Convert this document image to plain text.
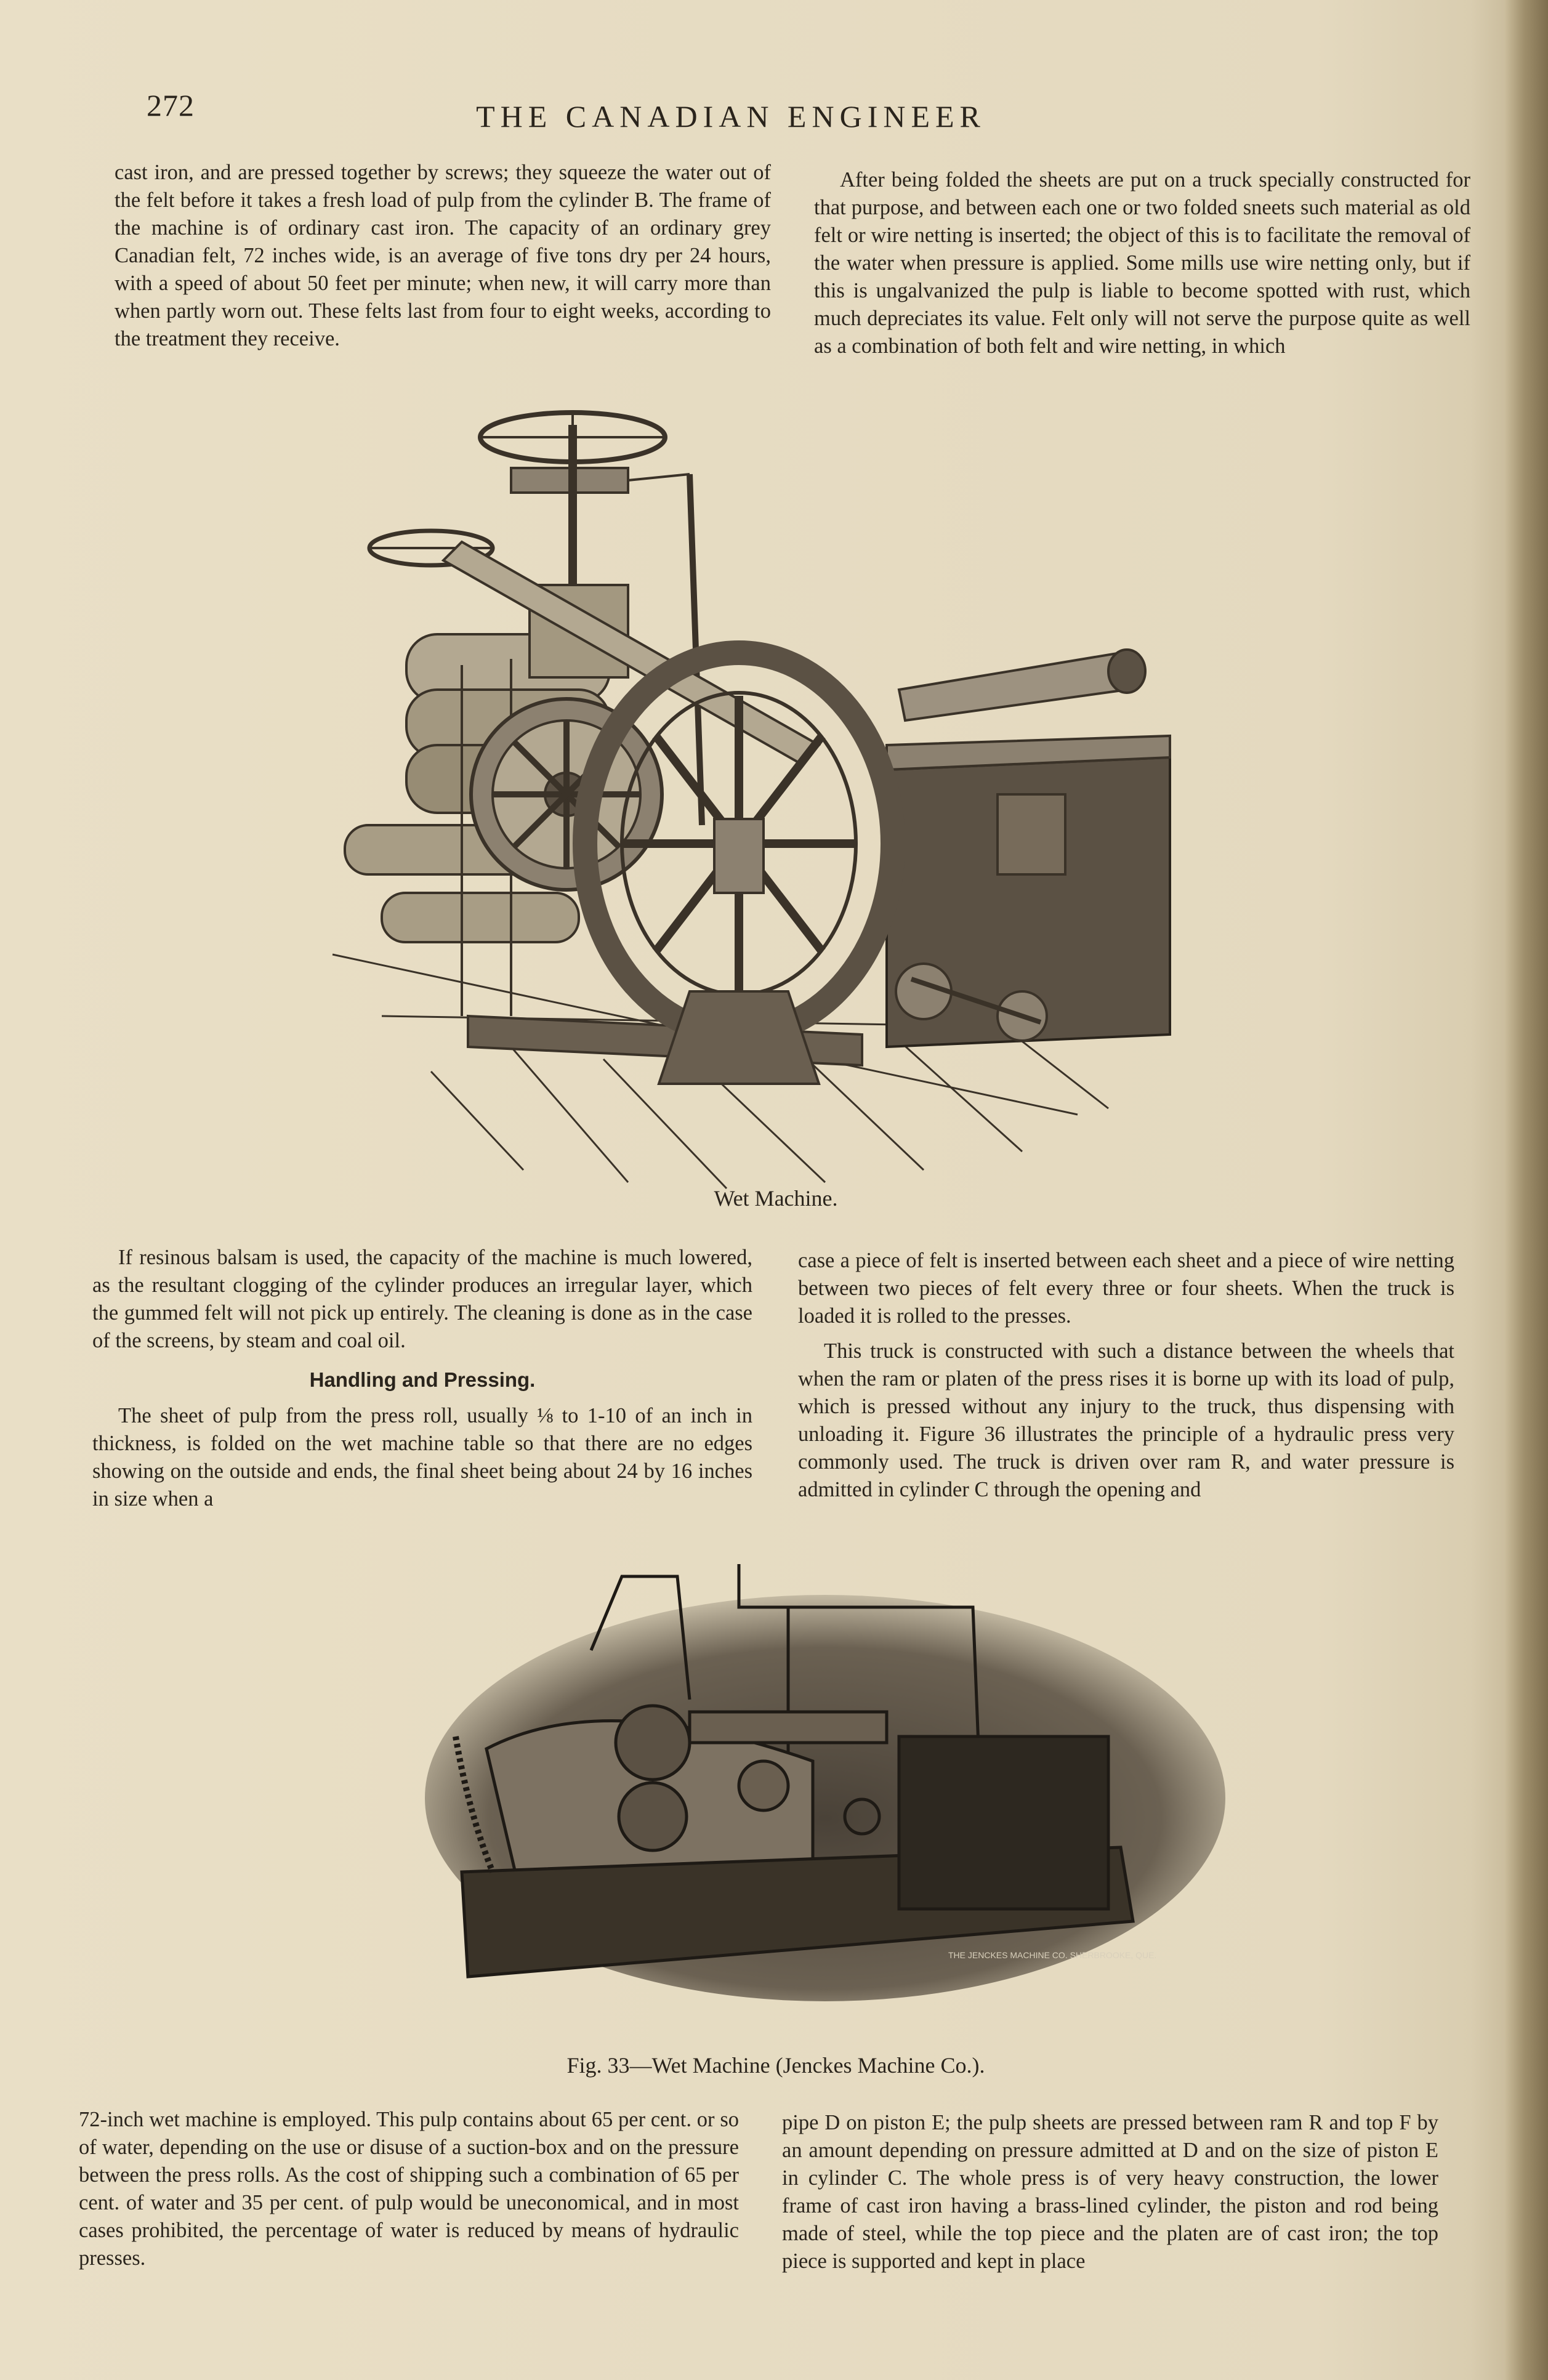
272	THE CANADIAN ENGINEER

cast iron, and are pressed together by screws; they squeeze the water out of the felt before it takes a fresh load of pulp from the cylinder B. The frame of the machine is of ordinary cast iron. The capacity of an ordinary grey Canadian felt, 72 inches wide, is an average of five tons dry per 24 hours, with a speed of about 50 feet per minute; when new, it will carry more than when partly worn out. These felts last from four to eight weeks, according to the treatment they receive.

After being folded the sheets are put on a truck specially constructed for that purpose, and between each one or two folded sneets such material as old felt or wire netting is inserted; the object of this is to facilitate the removal of the water when pressure is applied. Some mills use wire netting only, but if this is ungalvanized the pulp is liable to become spotted with rust, which much depreciates its value. Felt only will not serve the purpose quite as well as a combination of both felt and wire netting, in which

Wet Machine.

If resinous balsam is used, the capacity of the machine is much lowered, as the resultant clogging of the cylinder produces an irregular layer, which the gummed felt will not pick up entirely. The cleaning is done as in the case of the screens, by steam and coal oil.

Handling and Pressing.

The sheet of pulp from the press roll, usually ⅛ to 1-10 of an inch in thickness, is folded on the wet machine table so that there are no edges showing on the outside and ends, the final sheet being about 24 by 16 inches in size when a

case a piece of felt is inserted between each sheet and a piece of wire netting between two pieces of felt every three or four sheets. When the truck is loaded it is rolled to the presses.

This truck is constructed with such a distance between the wheels that when the ram or platen of the press rises it is borne up with its load of pulp, which is pressed without any injury to the truck, thus dispensing with unloading it. Figure 36 illustrates the principle of a hydraulic press very commonly used. The truck is driven over ram R, and water pressure is admitted in cylinder C through the opening and

THE JENCKES MACHINE CO. SHERBROOKE, QUE.
Fig. 33—Wet Machine (Jenckes Machine Co.).

72-inch wet machine is employed. This pulp contains about 65 per cent. or so of water, depending on the use or disuse of a suction-box and on the pressure between the press rolls. As the cost of shipping such a combination of 65 per cent. of water and 35 per cent. of pulp would be uneconomical, and in most cases prohibited, the percentage of water is reduced by means of hydraulic presses.

pipe D on piston E; the pulp sheets are pressed between ram R and top F by an amount depending on pressure admitted at D and on the size of piston E in cylinder C. The whole press is of very heavy construction, the lower frame of cast iron having a brass-lined cylinder, the piston and rod being made of steel, while the top piece and the platen are of cast iron; the top piece is supported and kept in place
